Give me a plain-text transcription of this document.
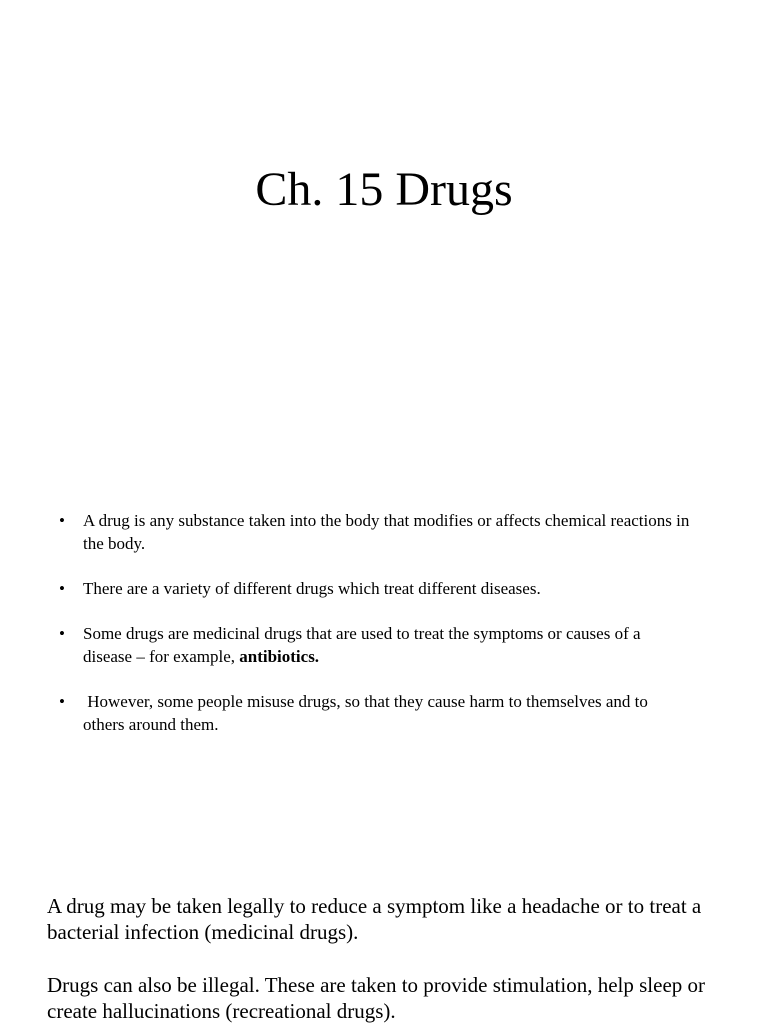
Ch. 15 Drugs
• A drug is any substance taken into the body that modifies or affects chemical reactions in the body.
• There are a variety of different drugs which treat different diseases.
• Some drugs are medicinal drugs that are used to treat the symptoms or causes of a disease – for example, antibiotics.
• However, some people misuse drugs, so that they cause harm to themselves and to others around them.

A drug may be taken legally to reduce a symptom like a headache or to treat a bacterial infection (medicinal drugs).

Drugs can also be illegal. These are taken to provide stimulation, help sleep or create hallucinations (recreational drugs).
